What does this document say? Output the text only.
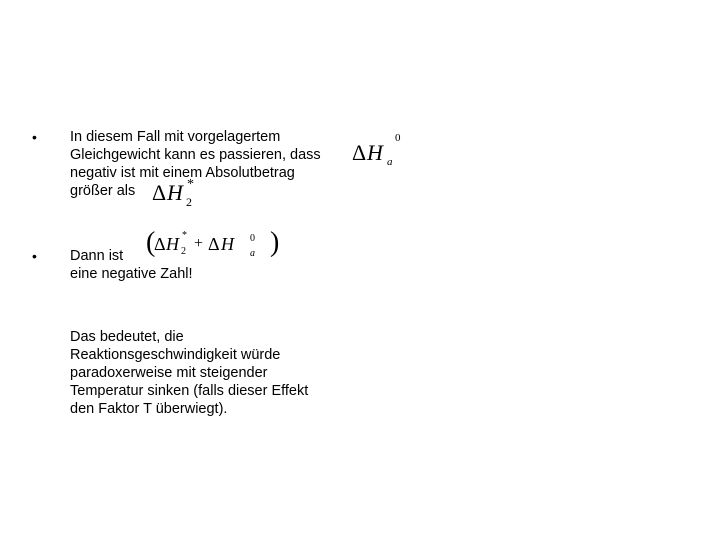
• In diesem Fall mit vorgelagertem
Gleichgewicht kann es passieren, dass
negativ ist mit einem Absolutbetrag
größer als
Δ H a
0
Δ H 2
*
• Dann ist
eine negative Zahl!
(
Δ H 2
* + Δ H a
0 )
Das bedeutet, die
Reaktionsgeschwindigkeit würde
paradoxerweise mit steigender
Temperatur sinken (falls dieser Effekt
den Faktor T überwiegt).
